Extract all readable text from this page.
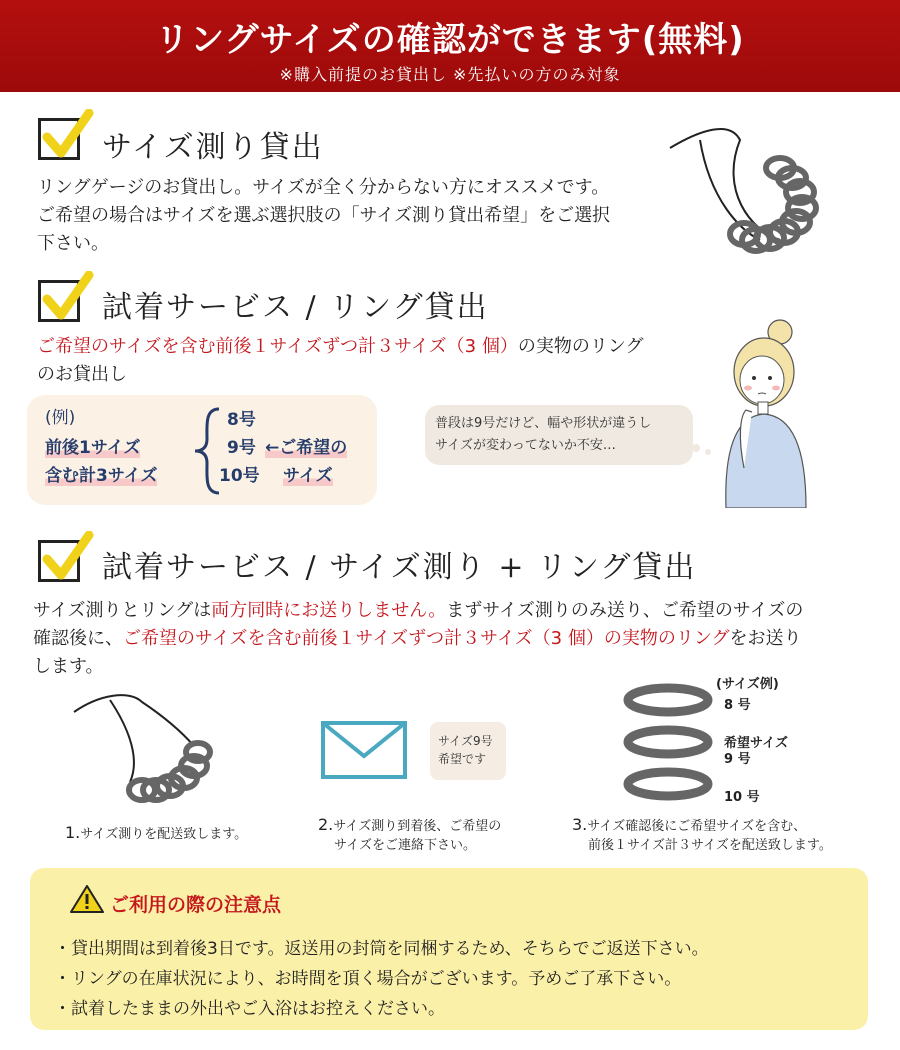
リングサイズの確認ができます(無料)
※購入前提のお貸出し ※先払いの方のみ対象
サイズ測り貸出
リングゲージのお貸出し。サイズが全く分からない方にオススメです。
ご希望の場合はサイズを選ぶ選択肢の「サイズ測り貸出希望」をご選択
下さい。
試着サービス / リング貸出
ご希望のサイズを含む前後１サイズずつ計３サイズ（3 個）の実物のリング
のお貸出し
(例)
前後1サイズ
含む計3サイズ
8号
9号 ←ご希望の
10号 サイズ
普段は9号だけど、幅や形状が違うし
サイズが変わってないか不安…
試着サービス / サイズ測り + リング貸出
サイズ測りとリングは両方同時にお送りしません。まずサイズ測りのみ送り、ご希望のサイズの
確認後に、ご希望のサイズを含む前後１サイズずつ計３サイズ（3 個）の実物のリングをお送り
します。
1.サイズ測りを配送致します。
サイズ9号
希望です
2.サイズ測り到着後、ご希望の
サイズをご連絡下さい。
(サイズ例)
8 号
希望サイズ
9 号
10 号
3.サイズ確認後にご希望サイズを含む、
前後１サイズ計３サイズを配送致します。
ご利用の際の注意点
・貸出期間は到着後3日です。返送用の封筒を同梱するため、そちらでご返送下さい。
・リングの在庫状況により、お時間を頂く場合がございます。予めご了承下さい。
・試着したままの外出やご入浴はお控えください。
